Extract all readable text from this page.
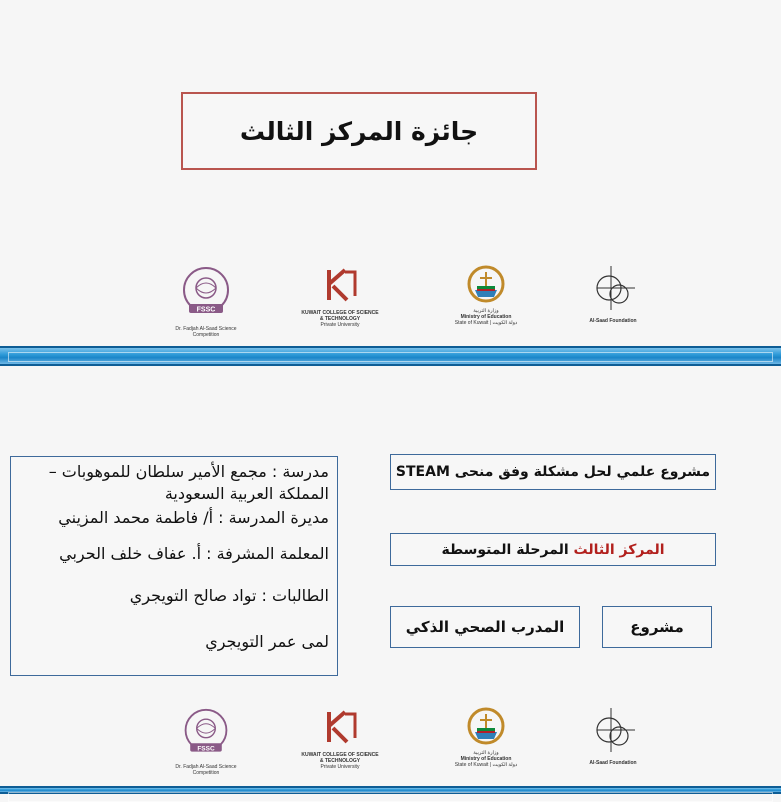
جائزة المركز الثالث
FSSC
Dr. Fadjah Al-Saad Science Competition
KUWAIT COLLEGE OF SCIENCE & TECHNOLOGY
Private University
وزارة التربية
Ministry of Education
State of Kuwait | دولة الكويت	Al-Saad Foundation
مدرسة : مجمع الأمير سلطان للموهوبات –
المملكة العربية السعودية
مديرة المدرسة : أ/ فاطمة محمد المزيني
المعلمة المشرفة : أ. عفاف خلف الحربي
الطالبات : تواد صالح التويجري
لمى عمر التويجري
مشروع علمي لحل مشكلة وفق منحى STEAM
المركز الثالث المرحلة المتوسطة
مشروع
المدرب الصحي الذكي
FSSC
Dr. Fadjah Al-Saad Science Competition
KUWAIT COLLEGE OF SCIENCE & TECHNOLOGY
Private University
وزارة التربية
Ministry of Education
State of Kuwait | دولة الكويت	Al-Saad Foundation
